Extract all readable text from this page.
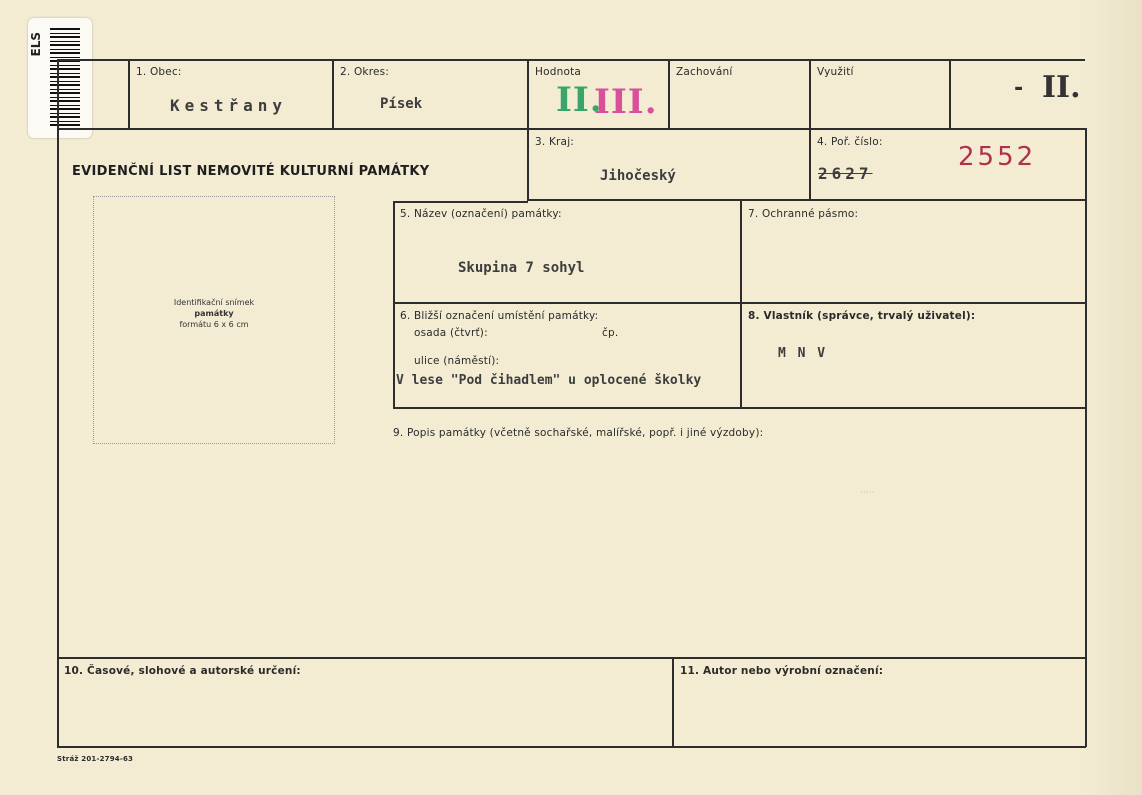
·····
ELS
1. Obec:
Kestřany
2. Okres:
Písek
Hodnota
II.
III.
Zachování	Využití
- II.
EVIDENČNÍ LIST NEMOVITÉ KULTURNÍ PAMÁTKY
3. Kraj:
Jihočeský
4. Poř. číslo:
2627
2552
Identifikační snímek
památky
formátu 6 x 6 cm
5. Název (označení) památky:
Skupina 7 sohyl
7. Ochranné pásmo:
6. Bližší označení umístění památky:
osada (čtvrť):	čp.
ulice (náměstí):
V lese "Pod čihadlem" u oplocené školky
8. Vlastník (správce, trvalý uživatel):
M N V
9. Popis památky (včetně sochařské, malířské, popř. i jiné výzdoby):
10. Časové, slohové a autorské určení:	11. Autor nebo výrobní označení:
Stráž 201-2794-63
